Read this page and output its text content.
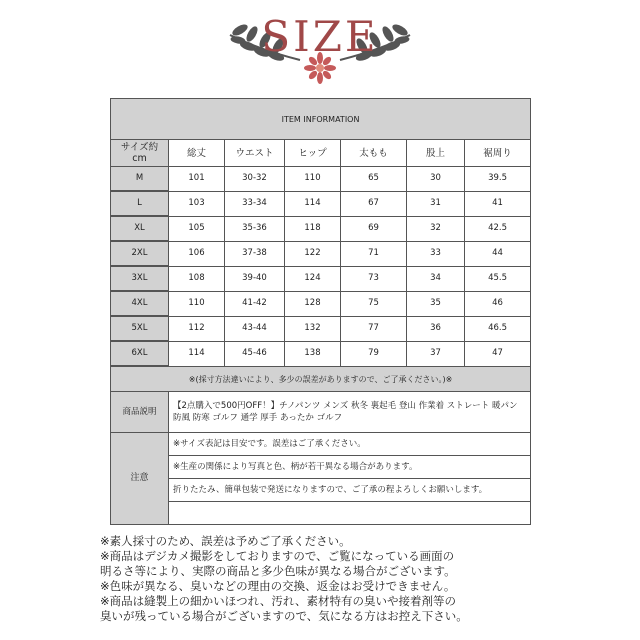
SIZE
ITEM INFORMATION						
サイズ約
cm	総丈	ウエスト	ヒップ	太もも	股上	裾周り
M	101	30-32	110	65	30	39.5
L	103	33-34	114	67	31	41
XL	105	35-36	118	69	32	42.5
2XL	106	37-38	122	71	33	44
3XL	108	39-40	124	73	34	45.5
4XL	110	41-42	128	75	35	46
5XL	112	43-44	132	77	36	46.5
6XL	114	45-46	138	79	37	47
※(採寸方法違いにより、多少の誤差がありますので、ご了承ください。)※						
商品説明	【2点購入で500円OFF！】チノパンツ メンズ 秋冬 裏起毛 登山 作業着 ストレート 暖パン 防風 防寒 ゴルフ 通学 厚手 あったか ゴルフ					
注意	※サイズ表記は目安です。誤差はご了承ください。					
	※生産の関係により写真と色、柄が若干異なる場合があります。					
	折りたたみ、簡単包装で発送になりますので、ご了承の程よろしくお願いします。					

※素人採寸のため、誤差は予めご了承ください。
※商品はデジカメ撮影をしておりますので、ご覧になっている画面の
明るさ等により、実際の商品と多少色味が異なる場合がございます。
※色味が異なる、臭いなどの理由の交換、返金はお受けできません。
※商品は縫製上の細かいほつれ、汚れ、素材特有の臭いや接着剤等の
臭いが残っている場合がございますので、気になる方はお控え下さい。
